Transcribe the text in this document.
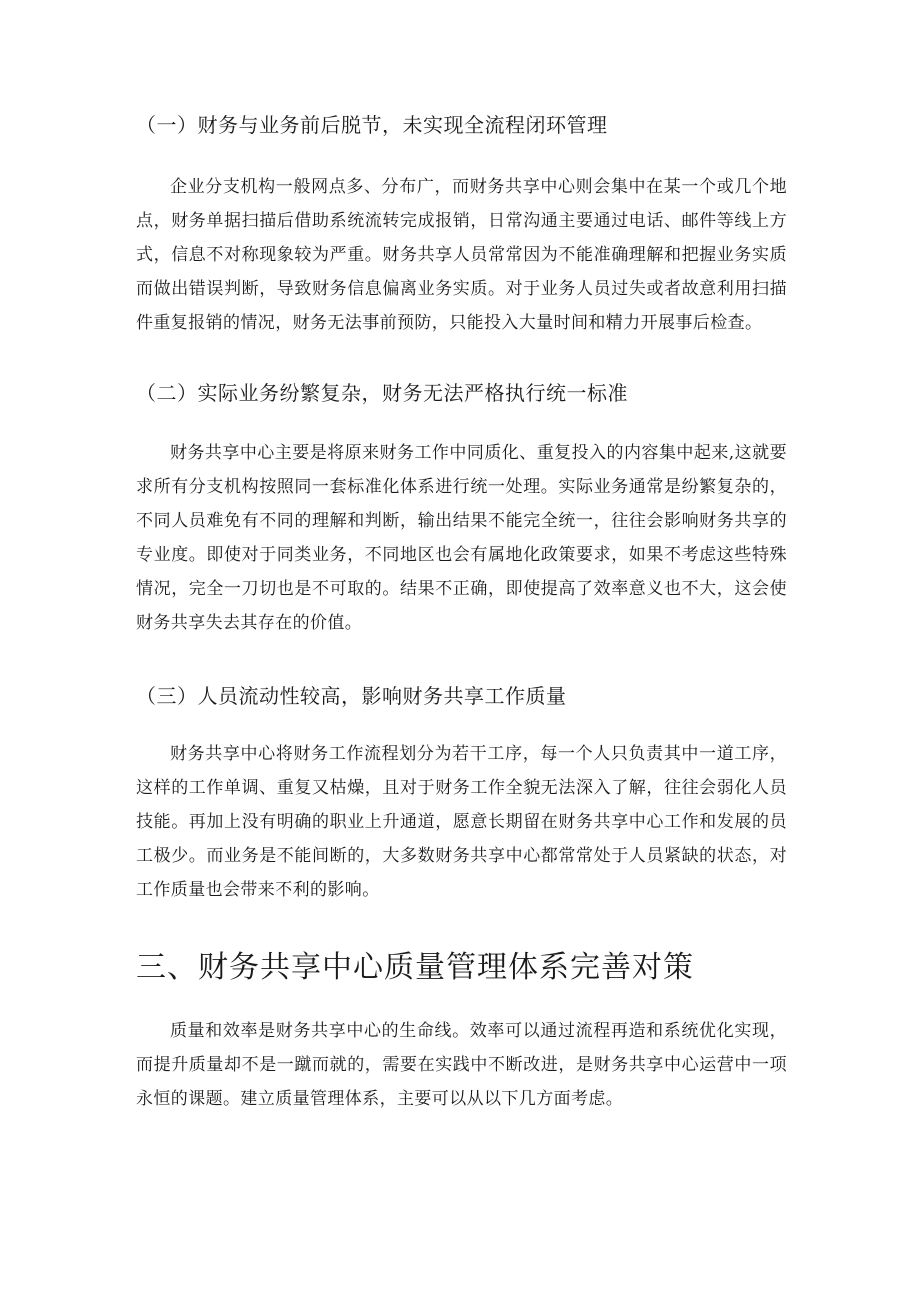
（一）财务与业务前后脱节，未实现全流程闭环管理
企业分支机构一般网点多、分布广，而财务共享中心则会集中在某一个或几个地点，财务单据扫描后借助系统流转完成报销，日常沟通主要通过电话、邮件等线上方式，信息不对称现象较为严重。财务共享人员常常因为不能准确理解和把握业务实质而做出错误判断，导致财务信息偏离业务实质。对于业务人员过失或者故意利用扫描件重复报销的情况，财务无法事前预防，只能投入大量时间和精力开展事后检查。
（二）实际业务纷繁复杂，财务无法严格执行统一标准
财务共享中心主要是将原来财务工作中同质化、重复投入的内容集中起来,这就要求所有分支机构按照同一套标准化体系进行统一处理。实际业务通常是纷繁复杂的，不同人员难免有不同的理解和判断，输出结果不能完全统一，往往会影响财务共享的专业度。即使对于同类业务，不同地区也会有属地化政策要求，如果不考虑这些特殊情况，完全一刀切也是不可取的。结果不正确，即使提高了效率意义也不大，这会使财务共享失去其存在的价值。
（三）人员流动性较高，影响财务共享工作质量
财务共享中心将财务工作流程划分为若干工序，每一个人只负责其中一道工序，这样的工作单调、重复又枯燥，且对于财务工作全貌无法深入了解，往往会弱化人员技能。再加上没有明确的职业上升通道，愿意长期留在财务共享中心工作和发展的员工极少。而业务是不能间断的，大多数财务共享中心都常常处于人员紧缺的状态，对工作质量也会带来不利的影响。
三、财务共享中心质量管理体系完善对策
质量和效率是财务共享中心的生命线。效率可以通过流程再造和系统优化实现，而提升质量却不是一蹴而就的，需要在实践中不断改进，是财务共享中心运营中一项永恒的课题。建立质量管理体系，主要可以从以下几方面考虑。
